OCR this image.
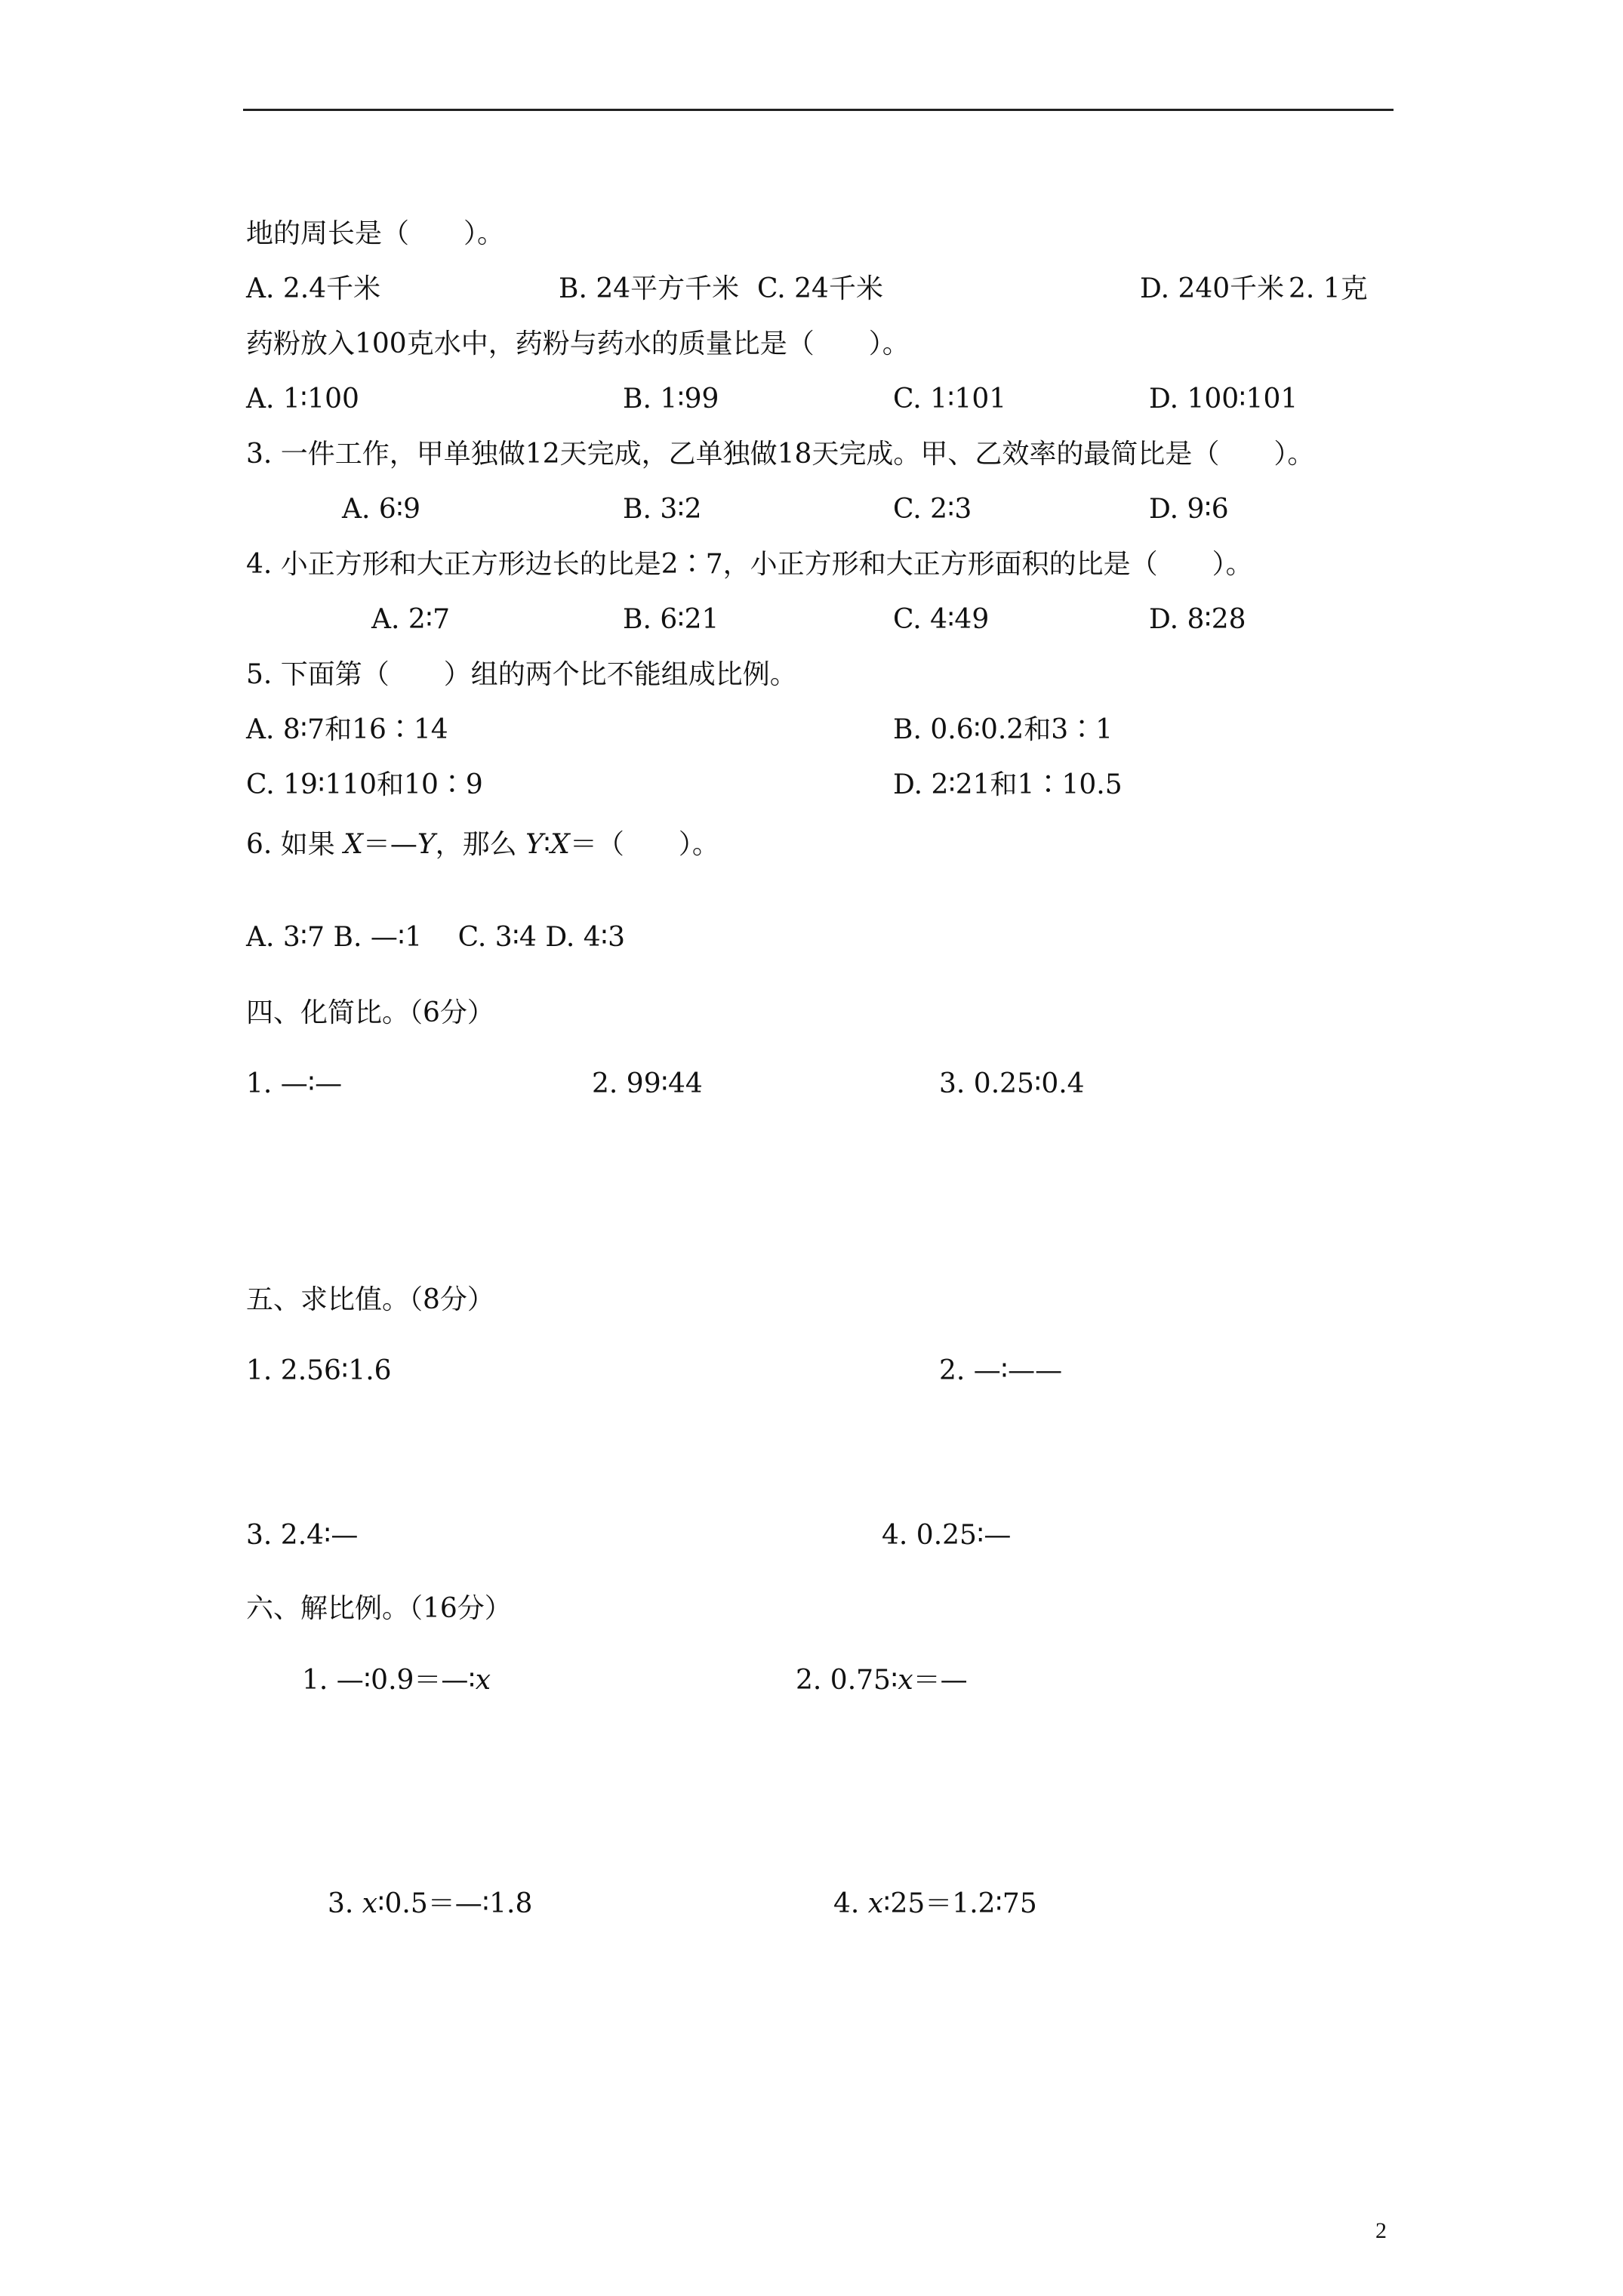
地的周长是（　　）。
A. 2.4千米	B. 24平方千米 C. 24千米	D. 240千米 2. 1克
药粉放入100克水中，药粉与药水的质量比是（　　）。
A. 1∶100	B. 1∶99	C. 1∶101	D. 100∶101
3. 一件工作，甲单独做12天完成，乙单独做18天完成。甲、乙效率的最简比是（　　）。
A. 6∶9	B. 3∶2	C. 2∶3	D. 9∶6
4. 小正方形和大正方形边长的比是2∶7，小正方形和大正方形面积的比是（　　）。
A. 2∶7	B. 6∶21	C. 4∶49	D. 8∶28
5. 下面第（　　）组的两个比不能组成比例。
A. 8∶7和16∶14	B. 0.6∶0.2和3∶1
C. 19∶110和10∶9	D. 2∶21和1∶10.5
6. 如果 X＝—Y，那么 Y∶X＝（　　）。
A. 3∶7 B. —∶1　 C. 3∶4 D. 4∶3
四、化简比。（6分）
1. —∶—	2. 99∶44	3. 0.25∶0.4
五、求比值。（8分）
1. 2.56∶1.6	2. —∶——
3. 2.4∶—	4. 0.25∶—
六、解比例。（16分）
1. —∶0.9＝—∶x	2. 0.75∶x＝—
3. x∶0.5＝—∶1.8	4. x∶25＝1.2∶75
2
